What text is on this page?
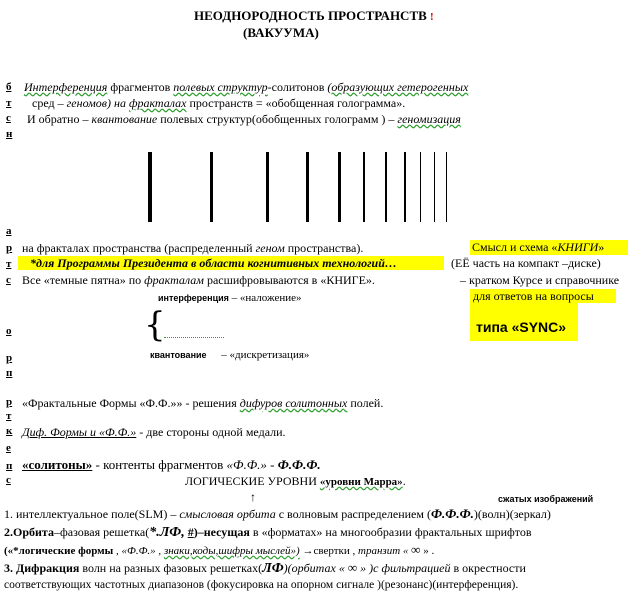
НЕОДНОРОДНОСТЬ ПРОСТРАНСТВ !
(ВАКУУМА)
б
т
с
н
а
р
т
с
о
р
п
р
т
к
е
п
с
Интерференция фрагментов полевых структур-солитонов (образующих гетерогенных
сред – геномов) на фракталах пространств = «обобщенная голограмма».
И обратно – квантование полевых структур(обобщенных голограмм ) – геномизация
на фракталах пространства (распределенный геном пространства).	Смысл и схема «КНИГИ»
(ЕЁ часть на компакт –диске)
– кратком Курсе и справочнике
для ответов на вопросы
типа «SYNC»
*для Программы Президента в области когнитивных технологий…
Все «темные пятна» по фракталам расшифровываются в «КНИГЕ».
интерференция – «наложение»
{
квантование – «дискретизация»
«Фрактальные Формы «Ф.Ф.»» - решения дифуров солитонных полей.
Диф. Формы и «Ф.Ф.» - две стороны одной медали.
«солитоны» - контенты фрагментов «Ф.Ф.» - Ф.Ф.Ф.
ЛОГИЧЕСКИЕ УРОВНИ «уровни Марра».
↑	сжатых изображений
1. интеллектуальное поле(SLM) – смысловая орбита с волновым распределением (Ф.Ф.Ф.)(волн)(зеркал)
2.Орбита–фазовая решетка(*.ЛФ, #)–несущая в «форматах» на многообразии фрактальных шрифтов
(«*логическиe формы , «Ф.Ф.» , знаки,коды,шифры мыслей») →свертки , транзит « ∞ » .
3. Дифракция волн на разных фазовых решетках(ЛФ)(орбитах « ∞ » )с фильтрацией в окрестности
соответствующих частотных диапазонов (фокусировка на опорном сигнале )(резонанс)(интерференция).
